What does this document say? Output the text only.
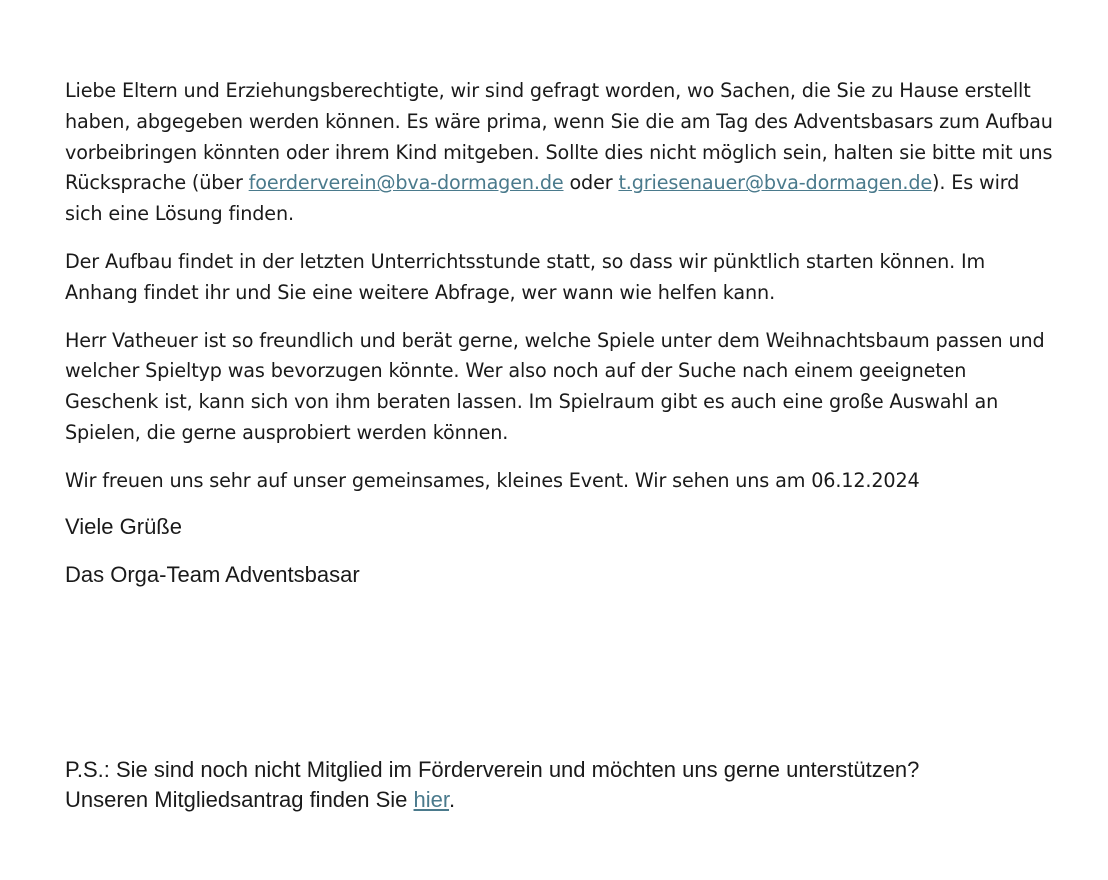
Liebe Eltern und Erziehungsberechtigte, wir sind gefragt worden, wo Sachen, die Sie zu Hause erstellt haben, abgegeben werden können. Es wäre prima, wenn Sie die am Tag des Adventsbasars zum Aufbau vorbeibringen könnten oder ihrem Kind mitgeben. Sollte dies nicht möglich sein, halten sie bitte mit uns Rücksprache (über foerderverein@bva-dormagen.de oder t.griesenauer@bva-dormagen.de). Es wird sich eine Lösung finden.

Der Aufbau findet in der letzten Unterrichtsstunde statt, so dass wir pünktlich starten können. Im Anhang findet ihr und Sie eine weitere Abfrage, wer wann wie helfen kann.

Herr Vatheuer ist so freundlich und berät gerne, welche Spiele unter dem Weihnachtsbaum passen und welcher Spieltyp was bevorzugen könnte. Wer also noch auf der Suche nach einem geeigneten Geschenk ist, kann sich von ihm beraten lassen. Im Spielraum gibt es auch eine große Auswahl an Spielen, die gerne ausprobiert werden können.

Wir freuen uns sehr auf unser gemeinsames, kleines Event. Wir sehen uns am 06.12.2024

Viele Grüße

Das Orga-Team Adventsbasar

P.S.: Sie sind noch nicht Mitglied im Förderverein und möchten uns gerne unterstützen?
Unseren Mitgliedsantrag finden Sie hier.
